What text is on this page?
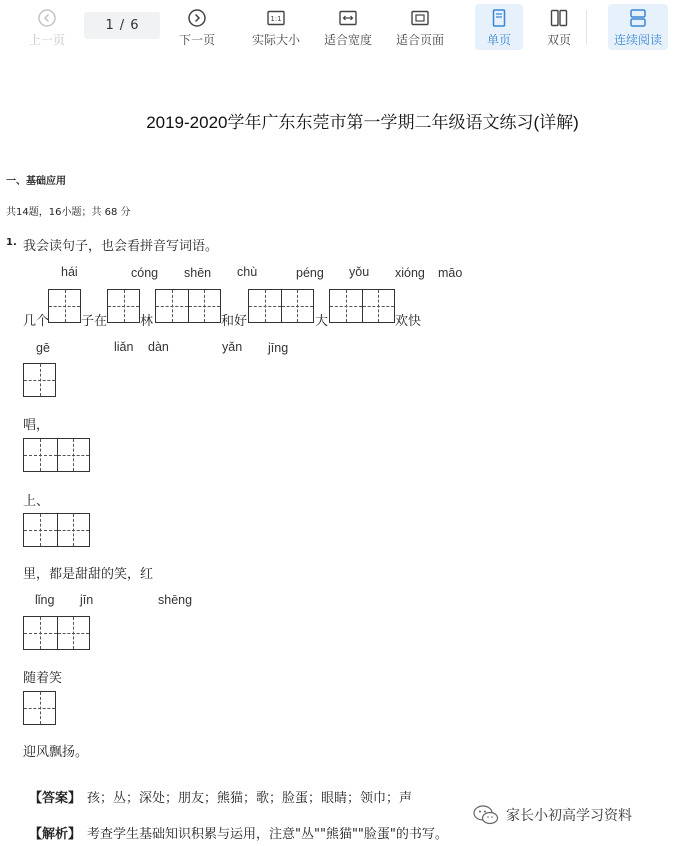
上一页
1 / 6
下一页
1:1
实际大小 适合宽度 适合页面	单页	双页	连续阅读
2019-2020学年广东东莞市第一学期二年级语文练习(详解)
一、基础应用
共14题，16小题；共 68 分
1. 我会读句子，也会看拼音写词语。
hái	cóng shēn chù	péng yǒu xióng māo
几个 子在	林	和好	大	欢快
gē	liǎn dàn	yǎn jīng
唱，
上、
里，都是甜甜的笑，红
lǐng jīn	shēng
随着笑
迎风飘扬。
【答案】 孩；丛；深处；朋友；熊猫；歌；脸蛋；眼睛；领巾；声
【解析】 考查学生基础知识积累与运用，注意"丛""熊猫""脸蛋"的书写。
家长小初高学习资料
